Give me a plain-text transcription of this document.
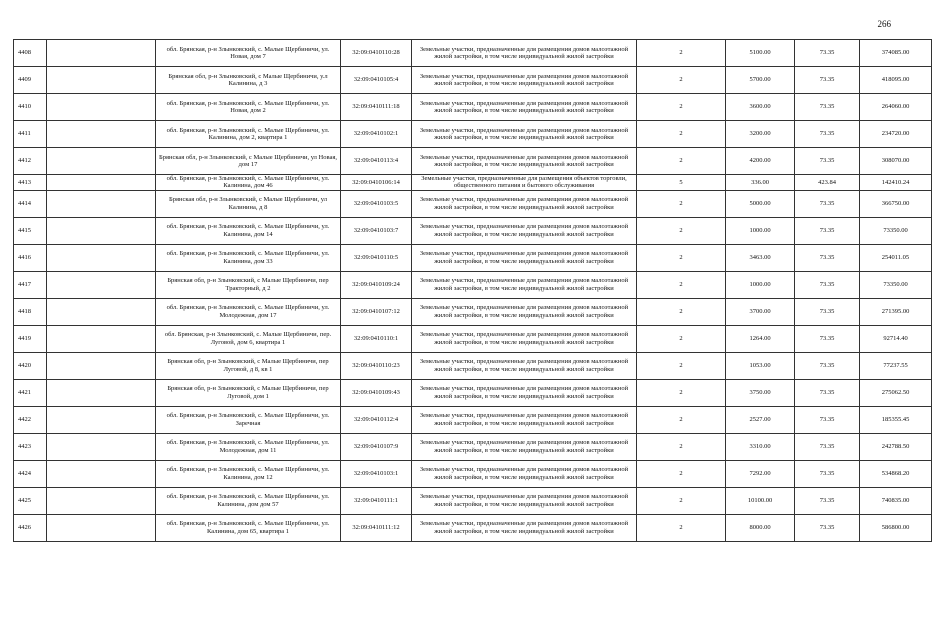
266
4408		обл. Брянская, р-н Злынковский, с. Малые Щербиничи, ул. Новая, дом 7	32:09:0410110:28	Земельные участки, предназначенные для размещения домов малоэтажной жилой застройки, в том числе индивидуальной жилой застройки	2	5100.00	73.35	374085.00
4409		Брянская обл, р-н Злынковский, с Малые Щербиничи, у.л Калинина, д 3	32:09:0410105:4	Земельные участки, предназначенные для размещения домов малоэтажной жилой застройки, в том числе индивидуальной жилой застройки	2	5700.00	73.35	418095.00
4410		обл. Брянская, р-н Злынковский, с. Малые Щербиничи, ул. Новая, дом 2	32:09:0410111:18	Земельные участки, предназначенные для размещения домов малоэтажной жилой застройки, в том числе индивидуальной жилой застройки	2	3600.00	73.35	264060.00
4411		обл. Брянская, р-н Злынковский, с. Малые Щербиничи, ул. Калинина, дом 2, квартира 1	32:09:0410102:1	Земельные участки, предназначенные для размещения домов малоэтажной жилой застройки, в том числе индивидуальной жилой застройки	2	3200.00	73.35	234720.00
4412		Брянская обл, р-н Злынковский, с Малые Щербиничи, ул Новая, дом 17	32:09:0410113:4	Земельные участки, предназначенные для размещения домов малоэтажной жилой застройки, в том числе индивидуальной жилой застройки	2	4200.00	73.35	308070.00
4413		обл. Брянская, р-н Злынковский, с. Малые Щербиничи, ул. Калинина, дом 46	32:09:0410106:14	Земельные участки, предназначенные для размещения объектов торговли, общественного питания и бытового обслуживания	5	336.00	423.84	142410.24
4414		Брянская обл, р-н Злынковский, с Малые Щербиничи, ул Калинина, д 8	32:09:0410103:5	Земельные участки, предназначенные для размещения домов малоэтажной жилой застройки, в том числе индивидуальной жилой застройки	2	5000.00	73.35	366750.00
4415		обл. Брянская, р-н Злынковский, с. Малые Щербиничи, ул. Калинина, дом 14	32:09:0410103:7	Земельные участки, предназначенные для размещения домов малоэтажной жилой застройки, в том числе индивидуальной жилой застройки	2	1000.00	73.35	73350.00
4416		обл. Брянская, р-н Злынковский, с. Малые Щербиничи, ул. Калинина, дом 33	32:09:0410110:5	Земельные участки, предназначенные для размещения домов малоэтажной жилой застройки, в том числе индивидуальной жилой застройки	2	3463.00	73.35	254011.05
4417		Брянская обл, р-н Злынковский, с Малые Щербиничи, пер Тракторный, д 2	32:09:0410109:24	Земельные участки, предназначенные для размещения домов малоэтажной жилой застройки, в том числе индивидуальной жилой застройки	2	1000.00	73.35	73350.00
4418		обл. Брянская, р-н Злынковский, с. Малые Щербиничи, ул. Молодежная, дом 17	32:09:0410107:12	Земельные участки, предназначенные для размещения домов малоэтажной жилой застройки, в том числе индивидуальной жилой застройки	2	3700.00	73.35	271395.00
4419		обл. Брянская, р-н Злынковский, с. Малые Щербиничи, пер. Луговой, дом 6, квартира 1	32:09:0410110:1	Земельные участки, предназначенные для размещения домов малоэтажной жилой застройки, в том числе индивидуальной жилой застройки	2	1264.00	73.35	92714.40
4420		Брянская обл, р-н Злынковский, с Малые Щербиничи, пер Луговой, д 8, кв 1	32:09:0410110:23	Земельные участки, предназначенные для размещения домов малоэтажной жилой застройки, в том числе индивидуальной жилой застройки	2	1053.00	73.35	77237.55
4421		Брянская обл, р-н Злынковский, с Малые Щербиничи, пер Луговой, дом 1	32:09:0410109:43	Земельные участки, предназначенные для размещения домов малоэтажной жилой застройки, в том числе индивидуальной жилой застройки	2	3750.00	73.35	275062.50
4422		обл. Брянская, р-н Злынковский, с. Малые Щербиничи, ул. Заречная	32:09:0410112:4	Земельные участки, предназначенные для размещения домов малоэтажной жилой застройки, в том числе индивидуальной жилой застройки	2	2527.00	73.35	185355.45
4423		обл. Брянская, р-н Злынковский, с. Малые Щербиничи, ул. Молодежная, дом 11	32:09:0410107:9	Земельные участки, предназначенные для размещения домов малоэтажной жилой застройки, в том числе индивидуальной жилой застройки	2	3310.00	73.35	242788.50
4424		обл. Брянская, р-н Злынковский, с. Малые Щербиничи, ул. Калинина, дом 12	32:09:0410103:1	Земельные участки, предназначенные для размещения домов малоэтажной жилой застройки, в том числе индивидуальной жилой застройки	2	7292.00	73.35	534868.20
4425		обл. Брянская, р-н Злынковский, с. Малые Щербиничи, ул. Калинина, дом дом 57	32:09:0410111:1	Земельные участки, предназначенные для размещения домов малоэтажной жилой застройки, в том числе индивидуальной жилой застройки	2	10100.00	73.35	740835.00
4426		обл. Брянская, р-н Злынковский, с. Малые Щербиничи, ул. Калинина, дом 65, квартира 1	32:09:0410111:12	Земельные участки, предназначенные для размещения домов малоэтажной жилой застройки, в том числе индивидуальной жилой застройки	2	8000.00	73.35	586800.00
